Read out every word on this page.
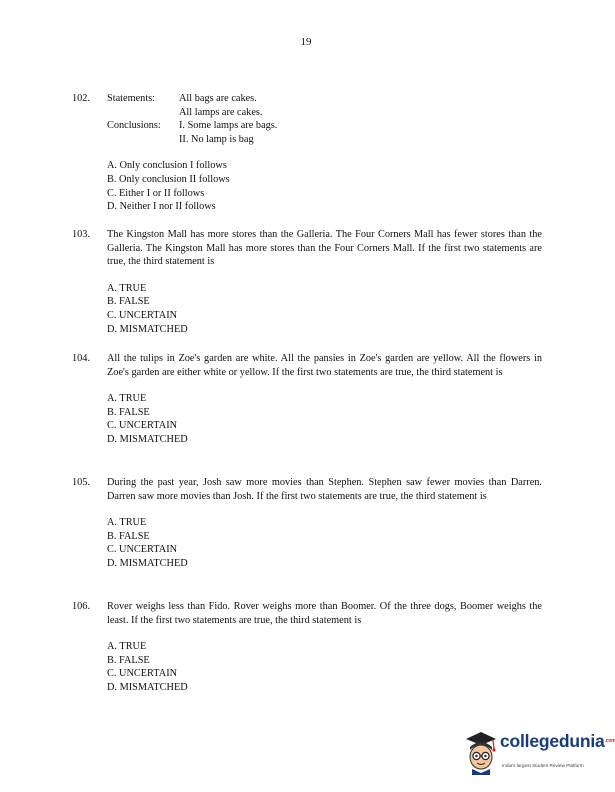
19
102. Statements:	All bags are cakes.
All lamps are cakes.
Conclusions:	I. Some lamps are bags.
II. No lamp is bag
A. Only conclusion I follows
B. Only conclusion II follows
C. Either I or II follows
D. Neither I nor II follows
103. The Kingston Mall has more stores than the Galleria. The Four Corners Mall has fewer stores than the Galleria. The Kingston Mall has more stores than the Four Corners Mall. If the first two statements are true, the third statement is
A. TRUE
B. FALSE
C. UNCERTAIN
D. MISMATCHED
104. All the tulips in Zoe's garden are white. All the pansies in Zoe's garden are yellow. All the flowers in Zoe's garden are either white or yellow. If the first two statements are true, the third statement is
A. TRUE
B. FALSE
C. UNCERTAIN
D. MISMATCHED
105. During the past year, Josh saw more movies than Stephen. Stephen saw fewer movies than Darren. Darren saw more movies than Josh. If the first two statements are true, the third statement is
A. TRUE
B. FALSE
C. UNCERTAIN
D. MISMATCHED
106. Rover weighs less than Fido. Rover weighs more than Boomer. Of the three dogs, Boomer weighs the least. If the first two statements are true, the third statement is
A. TRUE
B. FALSE
C. UNCERTAIN
D. MISMATCHED
collegedunia$^{.com}$
India's largest Student Review Platform
